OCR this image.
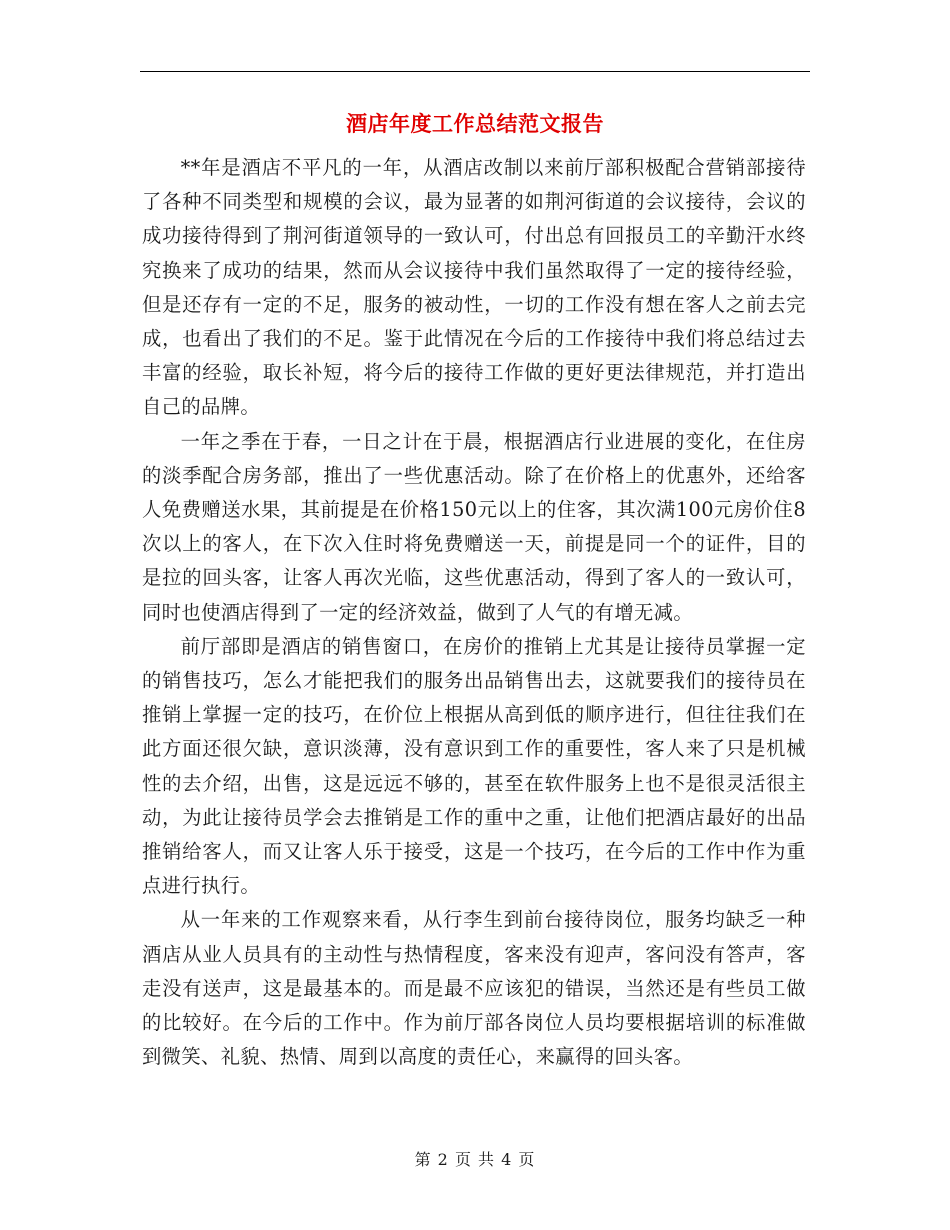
酒店年度工作总结范文报告

**年是酒店不平凡的一年，从酒店改制以来前厅部积极配合营销部接待了各种不同类型和规模的会议，最为显著的如荆河街道的会议接待，会议的成功接待得到了荆河街道领导的一致认可，付出总有回报员工的辛勤汗水终究换来了成功的结果，然而从会议接待中我们虽然取得了一定的接待经验，但是还存有一定的不足，服务的被动性，一切的工作没有想在客人之前去完成，也看出了我们的不足。鉴于此情况在今后的工作接待中我们将总结过去丰富的经验，取长补短，将今后的接待工作做的更好更法律规范，并打造出自己的品牌。

一年之季在于春，一日之计在于晨，根据酒店行业进展的变化，在住房的淡季配合房务部，推出了一些优惠活动。除了在价格上的优惠外，还给客人免费赠送水果，其前提是在价格150元以上的住客，其次满100元房价住8次以上的客人，在下次入住时将免费赠送一天，前提是同一个的证件，目的是拉的回头客，让客人再次光临，这些优惠活动，得到了客人的一致认可，同时也使酒店得到了一定的经济效益，做到了人气的有增无减。

前厅部即是酒店的销售窗口，在房价的推销上尤其是让接待员掌握一定的销售技巧，怎么才能把我们的服务出品销售出去，这就要我们的接待员在推销上掌握一定的技巧，在价位上根据从高到低的顺序进行，但往往我们在此方面还很欠缺，意识淡薄，没有意识到工作的重要性，客人来了只是机械性的去介绍，出售，这是远远不够的，甚至在软件服务上也不是很灵活很主动，为此让接待员学会去推销是工作的重中之重，让他们把酒店最好的出品推销给客人，而又让客人乐于接受，这是一个技巧，在今后的工作中作为重点进行执行。

从一年来的工作观察来看，从行李生到前台接待岗位，服务均缺乏一种酒店从业人员具有的主动性与热情程度，客来没有迎声，客问没有答声，客走没有送声，这是最基本的。而是最不应该犯的错误，当然还是有些员工做的比较好。在今后的工作中。作为前厅部各岗位人员均要根据培训的标准做到微笑、礼貌、热情、周到以高度的责任心，来赢得的回头客。

第 2 页 共 4 页
